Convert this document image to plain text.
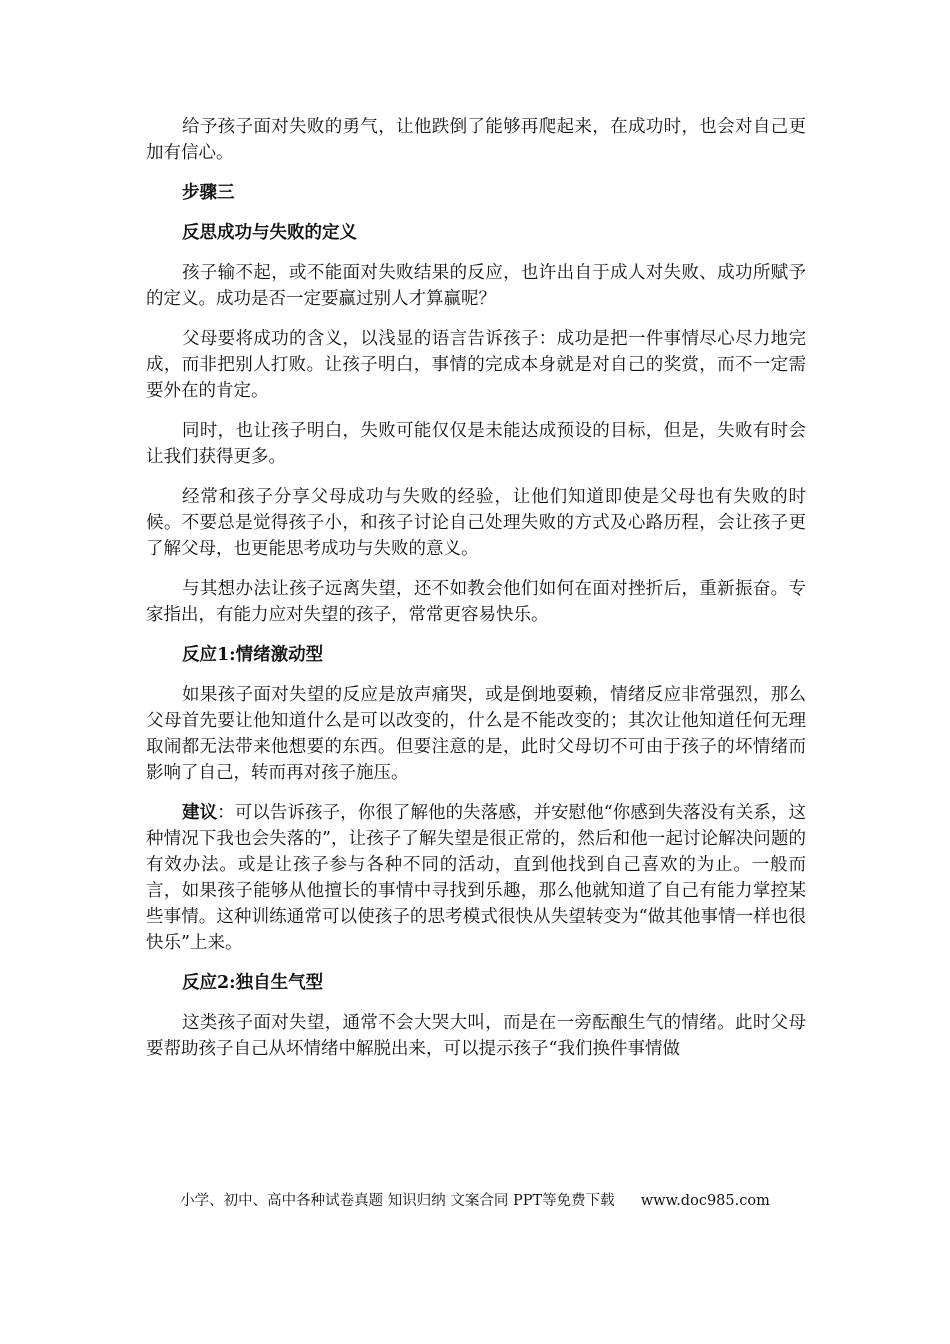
给予孩子面对失败的勇气，让他跌倒了能够再爬起来，在成功时，也会对自己更加有信心。

步骤三

反思成功与失败的定义

孩子输不起，或不能面对失败结果的反应，也许出自于成人对失败、成功所赋予的定义。成功是否一定要赢过别人才算赢呢？

父母要将成功的含义，以浅显的语言告诉孩子：成功是把一件事情尽心尽力地完成，而非把别人打败。让孩子明白，事情的完成本身就是对自己的奖赏，而不一定需要外在的肯定。

同时，也让孩子明白，失败可能仅仅是未能达成预设的目标，但是，失败有时会让我们获得更多。

经常和孩子分享父母成功与失败的经验，让他们知道即使是父母也有失败的时候。不要总是觉得孩子小，和孩子讨论自己处理失败的方式及心路历程，会让孩子更了解父母，也更能思考成功与失败的意义。

与其想办法让孩子远离失望，还不如教会他们如何在面对挫折后，重新振奋。专家指出，有能力应对失望的孩子，常常更容易快乐。

反应1:情绪激动型

如果孩子面对失望的反应是放声痛哭，或是倒地耍赖，情绪反应非常强烈，那么父母首先要让他知道什么是可以改变的，什么是不能改变的；其次让他知道任何无理取闹都无法带来他想要的东西。但要注意的是，此时父母切不可由于孩子的坏情绪而影响了自己，转而再对孩子施压。

建议：可以告诉孩子，你很了解他的失落感，并安慰他“你感到失落没有关系，这种情况下我也会失落的”，让孩子了解失望是很正常的，然后和他一起讨论解决问题的有效办法。或是让孩子参与各种不同的活动，直到他找到自己喜欢的为止。一般而言，如果孩子能够从他擅长的事情中寻找到乐趣，那么他就知道了自己有能力掌控某些事情。这种训练通常可以使孩子的思考模式很快从失望转变为“做其他事情一样也很快乐”上来。

反应2:独自生气型

这类孩子面对失望，通常不会大哭大叫，而是在一旁酝酿生气的情绪。此时父母要帮助孩子自己从坏情绪中解脱出来，可以提示孩子“我们换件事情做

小学、初中、高中各种试卷真题 知识归纳 文案合同 PPT等免费下载 www.doc985.com
